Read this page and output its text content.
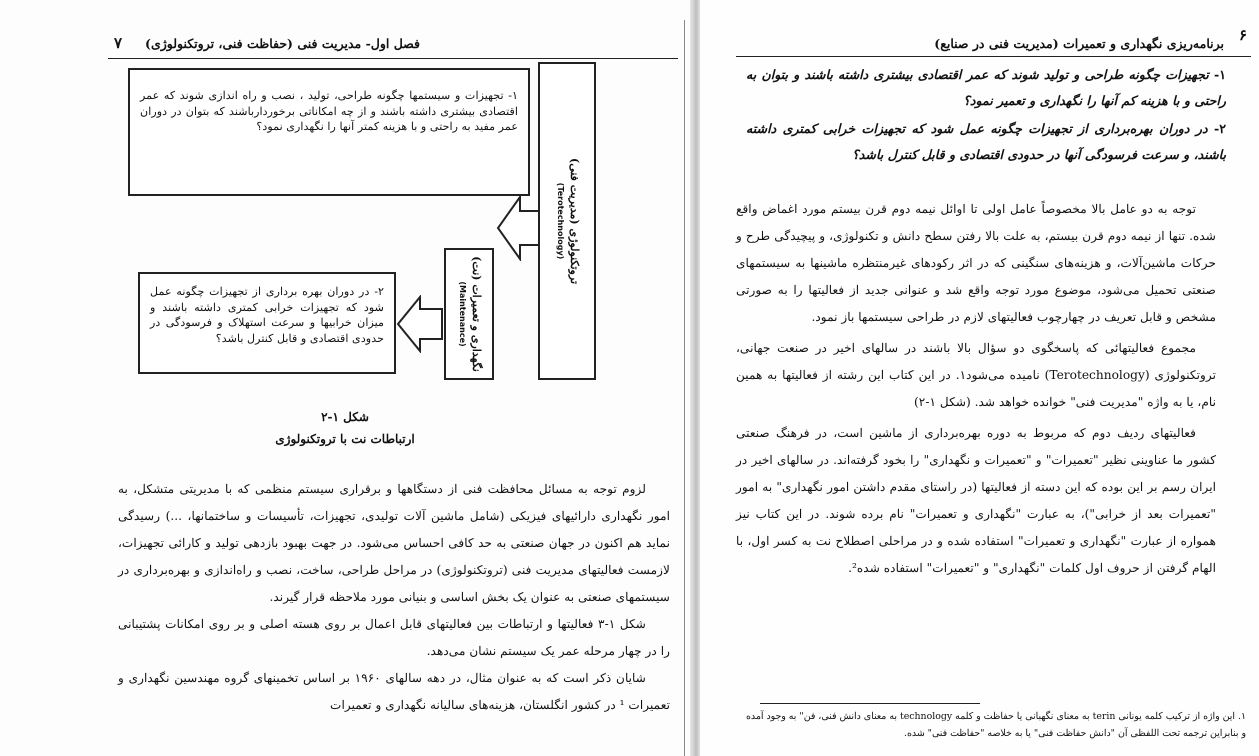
۷ فصل اول- مدیریت فنی (حفاظت فنی، تروتکنولوژی)
۱- تجهیزات و سیستمها چگونه طراحی، تولید ، نصب و راه اندازی شوند که عمر اقتصادی بیشتری داشته باشند و از چه امکاناتی برخوردارباشند که بتوان در دوران عمر مفید به راحتی و با هزینه کمتر آنها را نگهداری نمود؟
۲- در دوران بهره برداری از تجهیزات چگونه عمل شود که تجهیزات خرابی کمتری داشته باشند و میزان خرابیها و سرعت استهلاک و فرسودگی در حدودی اقتصادی و قابل کنترل باشد؟
تروتکنولوژی (مدیریت فنی)
(Terotechnology)
نگهداری و تعمیرات (نت)
(Maintenance)
شکل ۱-۲
ارتباطات نت با تروتکنولوژی

لزوم توجه به مسائل محافظت فنی از دستگاهها و برقراری سیستم منظمی که با مدیریتی متشکل، به امور نگهداری دارائیهای فیزیکی (شامل ماشین آلات تولیدی، تجهیزات، تأسیسات و ساختمانها، ...) رسیدگی نماید هم اکنون در جهان صنعتی به حد کافی احساس می‌شود. در جهت بهبود بازدهی تولید و کارائی تجهیزات، لازمست فعالیتهای مدیریت فنی (تروتکنولوژی) در مراحل طراحی، ساخت، نصب و راه‌اندازی و بهره‌برداری در سیستمهای صنعتی به عنوان یک بخش اساسی و بنیانی مورد ملاحظه قرار گیرند.

شکل ۱-۳ فعالیتها و ارتباطات بین فعالیتهای قابل اعمال بر روی هسته اصلی و بر روی امکانات پشتیبانی را در چهار مرحله عمر یک سیستم نشان می‌دهد.

شایان ذکر است که به عنوان مثال، در دهه سالهای ۱۹۶۰ بر اساس تخمینهای گروه مهندسین نگهداری و تعمیرات ¹ در کشور انگلستان، هزینه‌های سالیانه نگهداری و تعمیرات

۶
برنامه‌ریزی نگهداری و تعمیرات (مدیریت فنی در صنایع)
۱- تجهیزات چگونه طراحی و تولید شوند که عمر اقتصادی بیشتری داشته باشند و بتوان به راحتی و با هزینه کم آنها را نگهداری و تعمیر نمود؟
۲- در دوران بهره‌برداری از تجهیزات چگونه عمل شود که تجهیزات خرابی کمتری داشته باشند، و سرعت فرسودگی آنها در حدودی اقتصادی و قابل کنترل باشد؟

توجه به دو عامل بالا مخصوصاً عامل اولی تا اوائل نیمه دوم قرن بیستم مورد اغماض واقع شده. تنها از نیمه دوم قرن بیستم، به علت بالا رفتن سطح دانش و تکنولوژی، و پیچیدگی طرح و حرکات ماشین‌آلات، و هزینه‌های سنگینی که در اثر رکودهای غیرمنتظره ماشینها به سیستمهای صنعتی تحمیل می‌شود، موضوع مورد توجه واقع شد و عنوانی جدید از فعالیتها را به صورتی مشخص و قابل تعریف در چهارچوب فعالیتهای لازم در طراحی سیستمها باز نمود.

مجموع فعالیتهائی که پاسخگوی دو سؤال بالا باشند در سالهای اخیر در صنعت جهانی، تروتکنولوژی (Terotechnology) نامیده می‌شود۱. در این کتاب این رشته از فعالیتها به همین نام، یا به واژه "مدیریت فنی" خوانده خواهد شد. (شکل ۱-۲)

فعالیتهای ردیف دوم که مربوط به دوره بهره‌برداری از ماشین است، در فرهنگ صنعتی کشور ما عناوینی نظیر "تعمیرات" و "تعمیرات و نگهداری" را بخود گرفته‌اند. در سالهای اخیر در ایران رسم بر این بوده که این دسته از فعالیتها (در راستای مقدم داشتن امور نگهداری" به امور "تعمیرات بعد از خرابی")، به عبارت "نگهداری و تعمیرات" نام برده شوند. در این کتاب نیز همواره از عبارت "نگهداری و تعمیرات" استفاده شده و در مراحلی اصطلاح نت به کسر اول، با الهام گرفتن از حروف اول کلمات "نگهداری" و "تعمیرات" استفاده شده².

۱. این واژه از ترکیب کلمه یونانی terin به معنای نگهبانی یا حفاظت و کلمه technology به معنای دانش فنی، فن" به وجود آمده و بنابراین ترجمه تحت اللفظی آن "دانش حفاظت فنی" یا به خلاصه "حفاظت فنی" شده.
